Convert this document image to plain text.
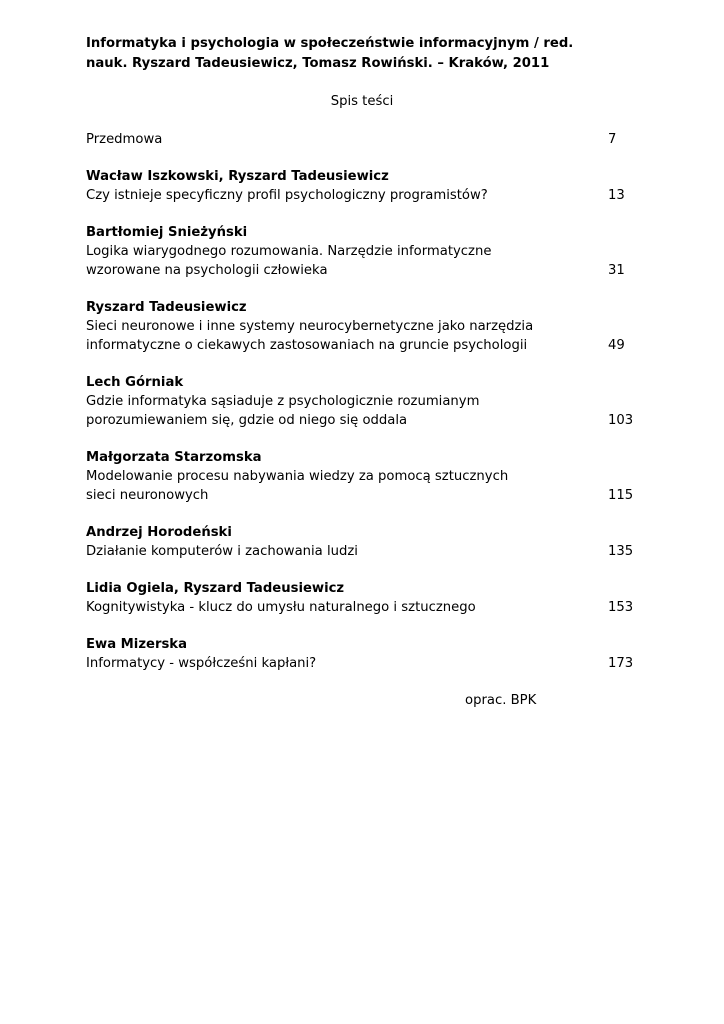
Informatyka i psychologia w społeczeństwie informacyjnym / red.

nauk. Ryszard Tadeusiewicz, Tomasz Rowiński. – Kraków, 2011

Spis teści
Przedmowa	7
Wacław Iszkowski, Ryszard Tadeusiewicz
Czy istnieje specyficzny profil psychologiczny programistów?	13
Bartłomiej Snieżyński
Logika wiarygodnego rozumowania. Narzędzie informatyczne
wzorowane na psychologii człowieka	31
Ryszard Tadeusiewicz
Sieci neuronowe i inne systemy neurocybernetyczne jako narzędzia
informatyczne o ciekawych zastosowaniach na gruncie psychologii	49
Lech Górniak
Gdzie informatyka sąsiaduje z psychologicznie rozumianym
porozumiewaniem się, gdzie od niego się oddala	103
Małgorzata Starzomska
Modelowanie procesu nabywania wiedzy za pomocą sztucznych
sieci neuronowych	115
Andrzej Horodeński
Działanie komputerów i zachowania ludzi	135
Lidia Ogiela, Ryszard Tadeusiewicz
Kognitywistyka - klucz do umysłu naturalnego i sztucznego	153
Ewa Mizerska
Informatycy - współcześni kapłani?	173
oprac. BPK
